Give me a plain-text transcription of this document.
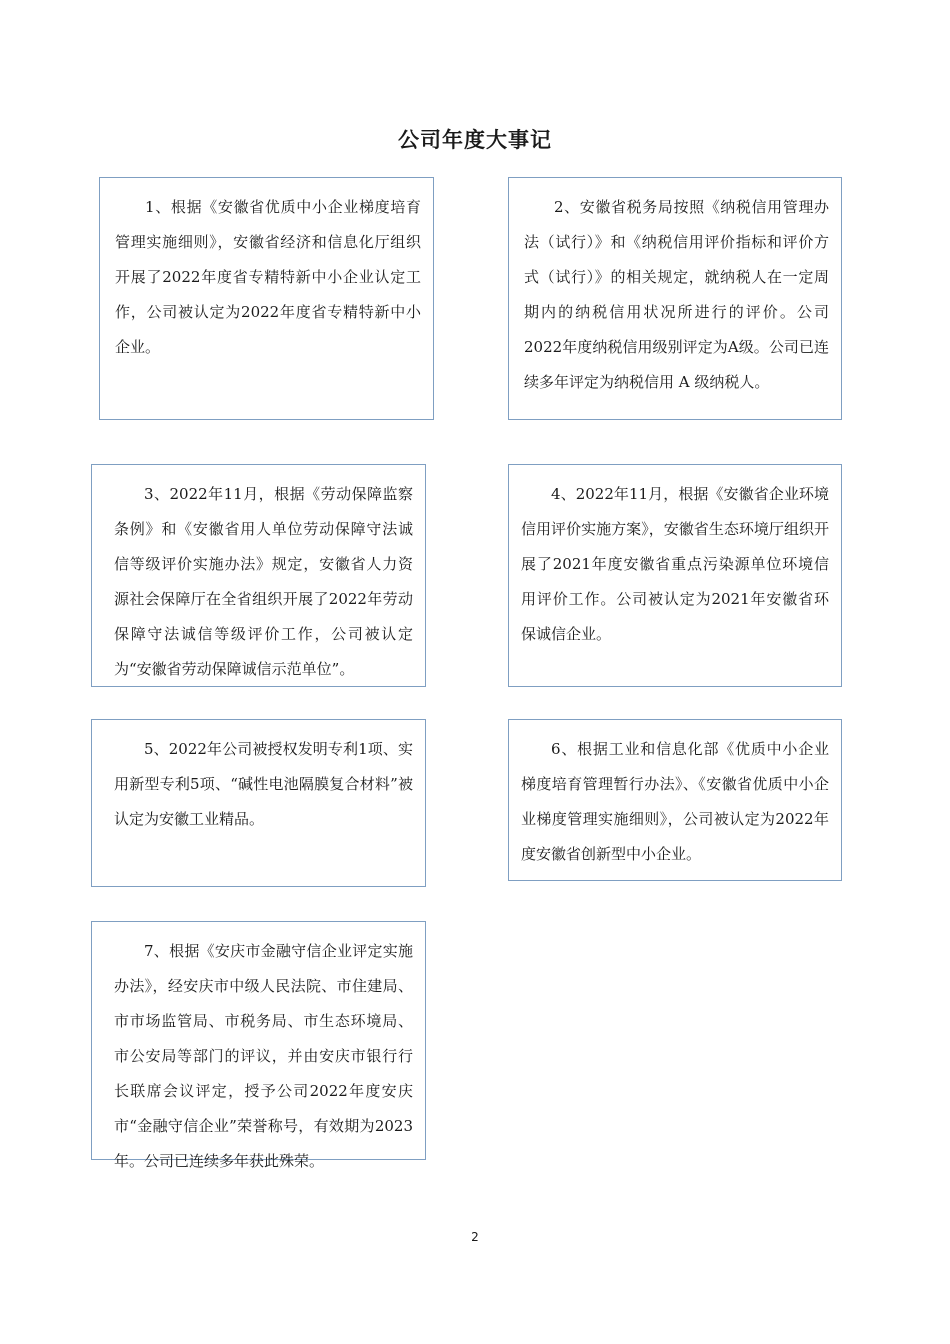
公司年度大事记

1、根据《安徽省优质中小企业梯度培育管理实施细则》，安徽省经济和信息化厅组织开展了2022年度省专精特新中小企业认定工作，公司被认定为2022年度省专精特新中小企业。

2、安徽省税务局按照《纳税信用管理办法（试行）》和《纳税信用评价指标和评价方式（试行）》的相关规定，就纳税人在一定周期内的纳税信用状况所进行的评价。公司2022年度纳税信用级别评定为A级。公司已连续多年评定为纳税信用 A 级纳税人。

3、2022年11月，根据《劳动保障监察条例》和《安徽省用人单位劳动保障守法诚信等级评价实施办法》规定，安徽省人力资源社会保障厅在全省组织开展了2022年劳动保障守法诚信等级评价工作，公司被认定为“安徽省劳动保障诚信示范单位”。

4、2022年11月，根据《安徽省企业环境信用评价实施方案》，安徽省生态环境厅组织开展了2021年度安徽省重点污染源单位环境信用评价工作。公司被认定为2021年安徽省环保诚信企业。

5、2022年公司被授权发明专利1项、实用新型专利5项、“碱性电池隔膜复合材料”被认定为安徽工业精品。

6、根据工业和信息化部《优质中小企业梯度培育管理暂行办法》、《安徽省优质中小企业梯度管理实施细则》，公司被认定为2022年度安徽省创新型中小企业。

7、根据《安庆市金融守信企业评定实施办法》，经安庆市中级人民法院、市住建局、市市场监管局、市税务局、市生态环境局、市公安局等部门的评议，并由安庆市银行行长联席会议评定，授予公司2022年度安庆市“金融守信企业”荣誉称号，有效期为2023年。公司已连续多年获此殊荣。

2
